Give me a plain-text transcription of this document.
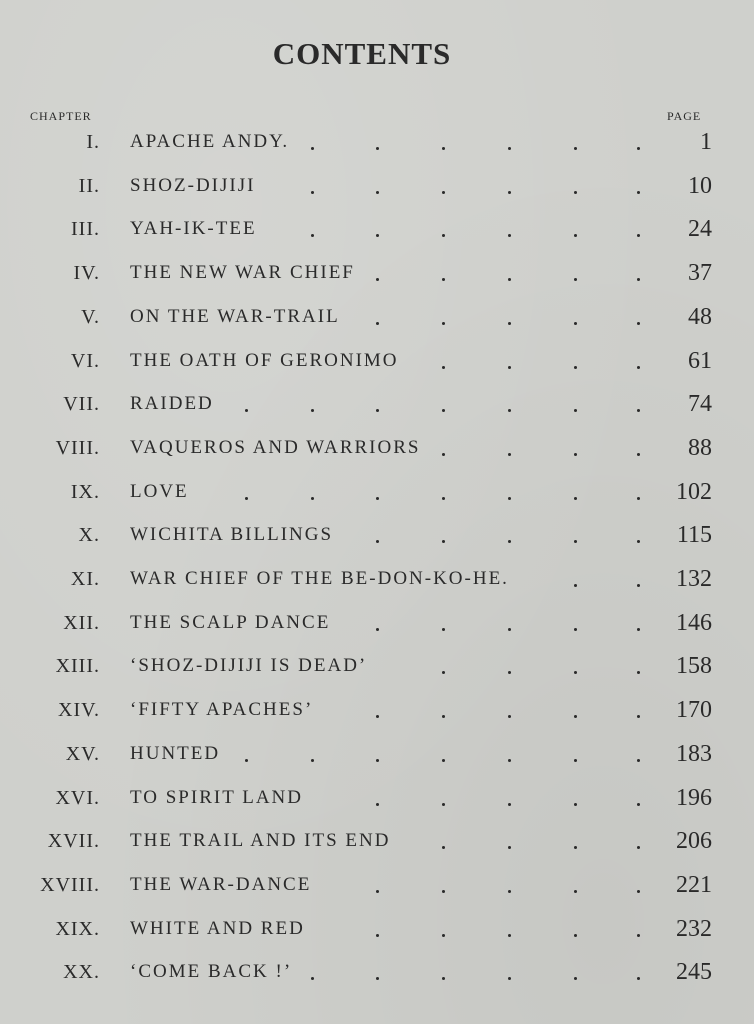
CONTENTS
CHAPTER	PAGE
I. APACHE ANDY.	1
II. SHOZ-DIJIJI	10
III. YAH-IK-TEE	24
IV. THE NEW WAR CHIEF	37
V. ON THE WAR-TRAIL	48
VI. THE OATH OF GERONIMO	61
VII. RAIDED	74
VIII. VAQUEROS AND WARRIORS	88
IX. LOVE	102
X. WICHITA BILLINGS	115
XI. WAR CHIEF OF THE BE-DON-KO-HE.	132
XII. THE SCALP DANCE	146
XIII. ‘SHOZ-DIJIJI IS DEAD’	158
XIV. ‘FIFTY APACHES’	170
XV. HUNTED	183
XVI. TO SPIRIT LAND	196
XVII. THE TRAIL AND ITS END	206
XVIII. THE WAR-DANCE	221
XIX. WHITE AND RED	232
XX. ‘COME BACK !’	245
